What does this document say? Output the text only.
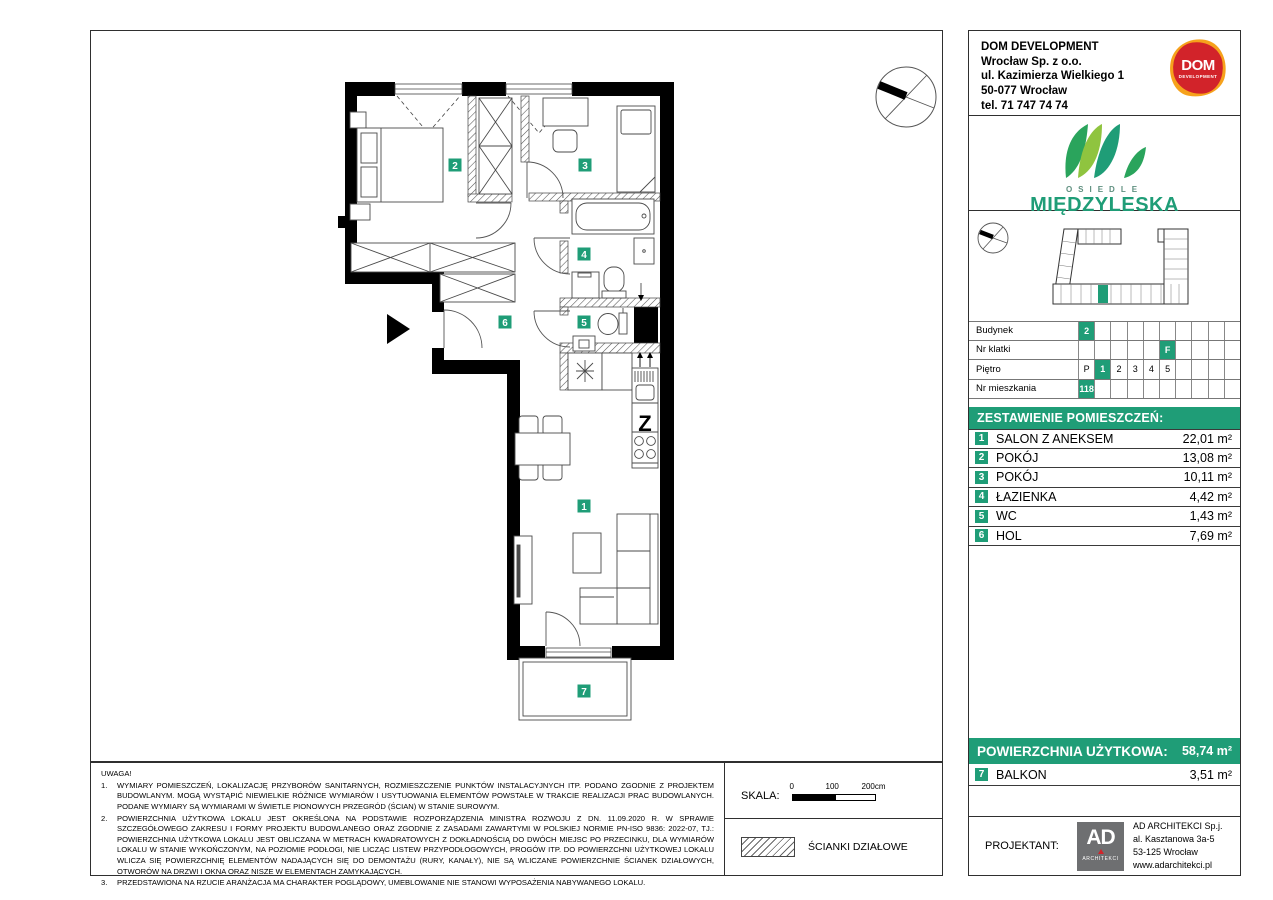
1
2	3
4
5
6
7
Z
UWAGA!
1.	WYMIARY POMIESZCZEŃ, LOKALIZACJĘ PRZYBORÓW SANITARNYCH, ROZMIESZCZENIE PUNKTÓW INSTALACYJNYCH ITP. PODANO ZGODNIE Z PROJEKTEM BUDOWLANYM. MOGĄ WYSTĄPIĆ NIEWIELKIE RÓŻNICE WYMIARÓW I USYTUOWANIA ELEMENTÓW POWSTAŁE W TRAKCIE REALIZACJI PRAC BUDOWLANYCH. PODANE WYMIARY SĄ WYMIARAMI W ŚWIETLE PIONOWYCH PRZEGRÓD (ŚCIAN) W STANIE SUROWYM.
2.	POWIERZCHNIA UŻYTKOWA LOKALU JEST OKREŚLONA NA PODSTAWIE ROZPORZĄDZENIA MINISTRA ROZWOJU Z DN. 11.09.2020 R. W SPRAWIE SZCZEGÓŁOWEGO ZAKRESU I FORMY PROJEKTU BUDOWLANEGO ORAZ ZGODNIE Z ZASADAMI ZAWARTYMI W POLSKIEJ NORMIE PN-ISO 9836: 2022-07, TJ.: POWIERZCHNIA UŻYTKOWA LOKALU JEST OBLICZANA W METRACH KWADRATOWYCH Z DOKŁADNOŚCIĄ DO DWÓCH MIEJSC PO PRZECINKU, DLA WYMIARÓW LOKALU W STANIE WYKOŃCZONYM, NA POZIOMIE PODŁOGI, NIE LICZĄC LISTEW PRZYPODŁOGOWYCH, PROGÓW ITP. DO POWIERZCHNI UŻYTKOWEJ LOKALU WLICZA SIĘ POWIERZCHNIĘ ELEMENTÓW NADAJĄCYCH SIĘ DO DEMONTAŻU (RURY, KANAŁY), NIE SĄ WLICZANE POWIERZCHNIE ŚCIANEK DZIAŁOWYCH, OTWORÓW NA DRZWI I OKNA ORAZ NISZE W ELEMENTACH ZAMYKAJĄCYCH.
3.	PRZEDSTAWIONA NA RZUCIE ARANŻACJA MA CHARAKTER POGLĄDOWY, UMEBLOWANIE NIE STANOWI WYPOSAŻENIA NABYWANEGO LOKALU.
SKALA:
0	100	200cm
ŚCIANKI DZIAŁOWE
DOM DEVELOPMENT
Wrocław Sp. z o.o.
ul. Kazimierza Wielkiego 1
50-077 Wrocław
tel. 71 747 74 74
DOM
DEVELOPMENT
OSIEDLE
MIĘDZYLESKA
Budynek	2
Nr klatki	F
Piętro	P	1	2	3	4	5
Nr mieszkania	118
ZESTAWIENIE POMIESZCZEŃ:
1 SALON Z ANEKSEM	22,01 m²
2 POKÓJ	13,08 m²
3 POKÓJ	10,11 m²
4 ŁAZIENKA	4,42 m²
5 WC	1,43 m²
6 HOL	7,69 m²
POWIERZCHNIA UŻYTKOWA: 58,74 m²
7 BALKON	3,51 m²
PROJEKTANT:	AD
ARCHITEKCI
AD ARCHITEKCI Sp.j.
al. Kasztanowa 3a-5
53-125 Wrocław
www.adarchitekci.pl
